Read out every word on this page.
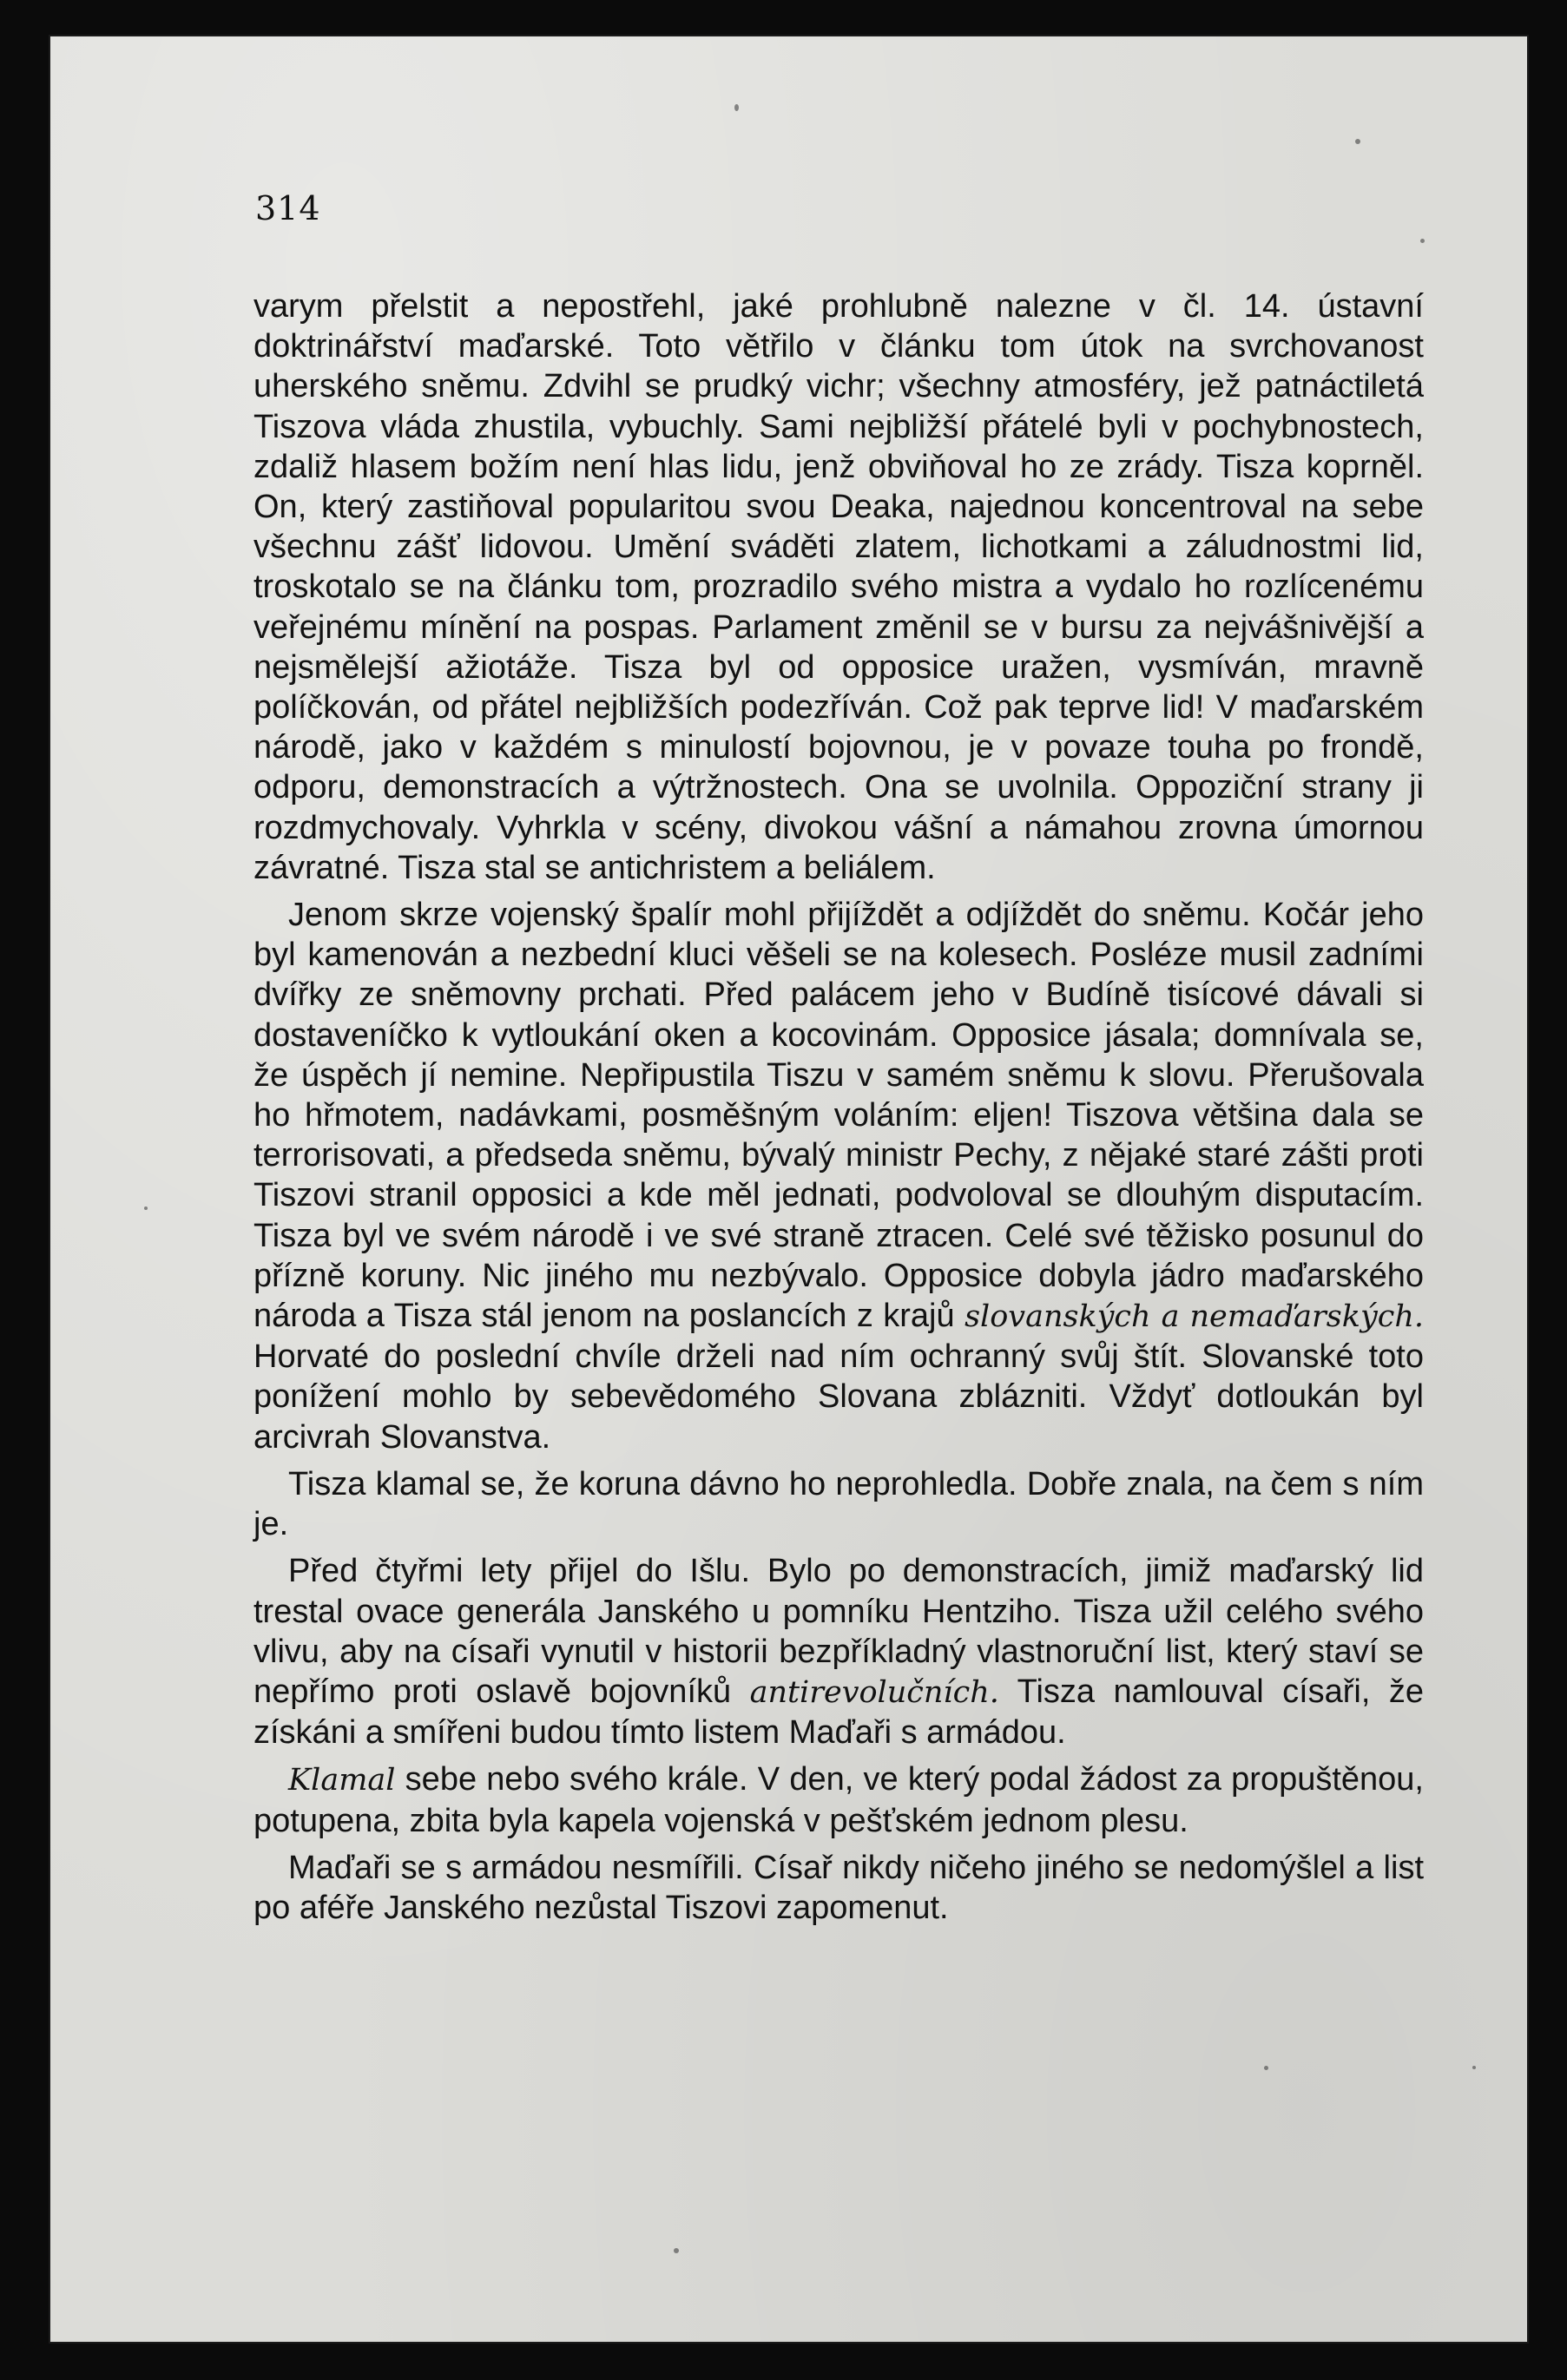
314

varym přelstit a nepostřehl, jaké prohlubně nalezne v čl. 14. ústavní doktrinářství maďarské. Toto větřilo v článku tom útok na svrchovanost uherského sněmu. Zdvihl se prudký vichr; všechny atmosféry, jež patnáctiletá Tiszova vláda zhustila, vybuchly. Sami nejbližší přátelé byli v pochybnostech, zdaliž hlasem božím není hlas lidu, jenž obviňoval ho ze zrády. Tisza koprněl. On, který zastiňoval popularitou svou Deaka, najednou koncentroval na sebe všechnu zášť lidovou. Umění sváděti zlatem, lichotkami a záludnostmi lid, troskotalo se na článku tom, prozradilo svého mistra a vydalo ho rozlícenému veřejnému mínění na pospas. Parlament změnil se v bursu za nejvášnivější a nejsmělejší ažiotáže. Tisza byl od opposice uražen, vysmíván, mravně políčkován, od přátel nejbližších podezříván. Což pak teprve lid! V maďarském národě, jako v každém s minulostí bojovnou, je v povaze touha po frondě, odporu, demonstracích a výtržnostech. Ona se uvolnila. Oppoziční strany ji rozdmychovaly. Vyhrkla v scény, divokou vášní a námahou zrovna úmornou závratné. Tisza stal se antichristem a beliálem.

Jenom skrze vojenský špalír mohl přijíždět a odjíždět do sněmu. Kočár jeho byl kamenován a nezbední kluci věšeli se na kolesech. Posléze musil zadními dvířky ze sněmovny prchati. Před palácem jeho v Budíně tisícové dávali si dostaveníčko k vytloukání oken a kocovinám. Opposice jásala; domnívala se, že úspěch jí nemine. Nepřipustila Tiszu v samém sněmu k slovu. Přerušovala ho hřmotem, nadávkami, posměšným voláním: eljen! Tiszova většina dala se terrorisovati, a předseda sněmu, bývalý ministr Pechy, z nějaké staré zášti proti Tiszovi stranil opposici a kde měl jednati, podvoloval se dlouhým disputacím. Tisza byl ve svém národě i ve své straně ztracen. Celé své těžisko posunul do přízně koruny. Nic jiného mu nezbývalo. Opposice dobyla jádro maďarského národa a Tisza stál jenom na poslancích z krajů slovanských a nemaďarských. Horvaté do poslední chvíle drželi nad ním ochranný svůj štít. Slovanské toto ponížení mohlo by sebevědomého Slovana zblázniti. Vždyť dotloukán byl arcivrah Slovanstva.

Tisza klamal se, že koruna dávno ho neprohledla. Dobře znala, na čem s ním je.

Před čtyřmi lety přijel do Išlu. Bylo po demonstracích, jimiž maďarský lid trestal ovace generála Janského u pomníku Hentziho. Tisza užil celého svého vlivu, aby na císaři vynutil v historii bezpříkladný vlastnoruční list, který staví se nepřímo proti oslavě bojovníků antirevolučních. Tisza namlouval císaři, že získáni a smířeni budou tímto listem Maďaři s armádou.

Klamal sebe nebo svého krále. V den, ve který podal žádost za propuštěnou, potupena, zbita byla kapela vojenská v pešťském jednom plesu.

Maďaři se s armádou nesmířili. Císař nikdy ničeho jiného se nedomýšlel a list po aféře Janského nezůstal Tiszovi zapomenut.
